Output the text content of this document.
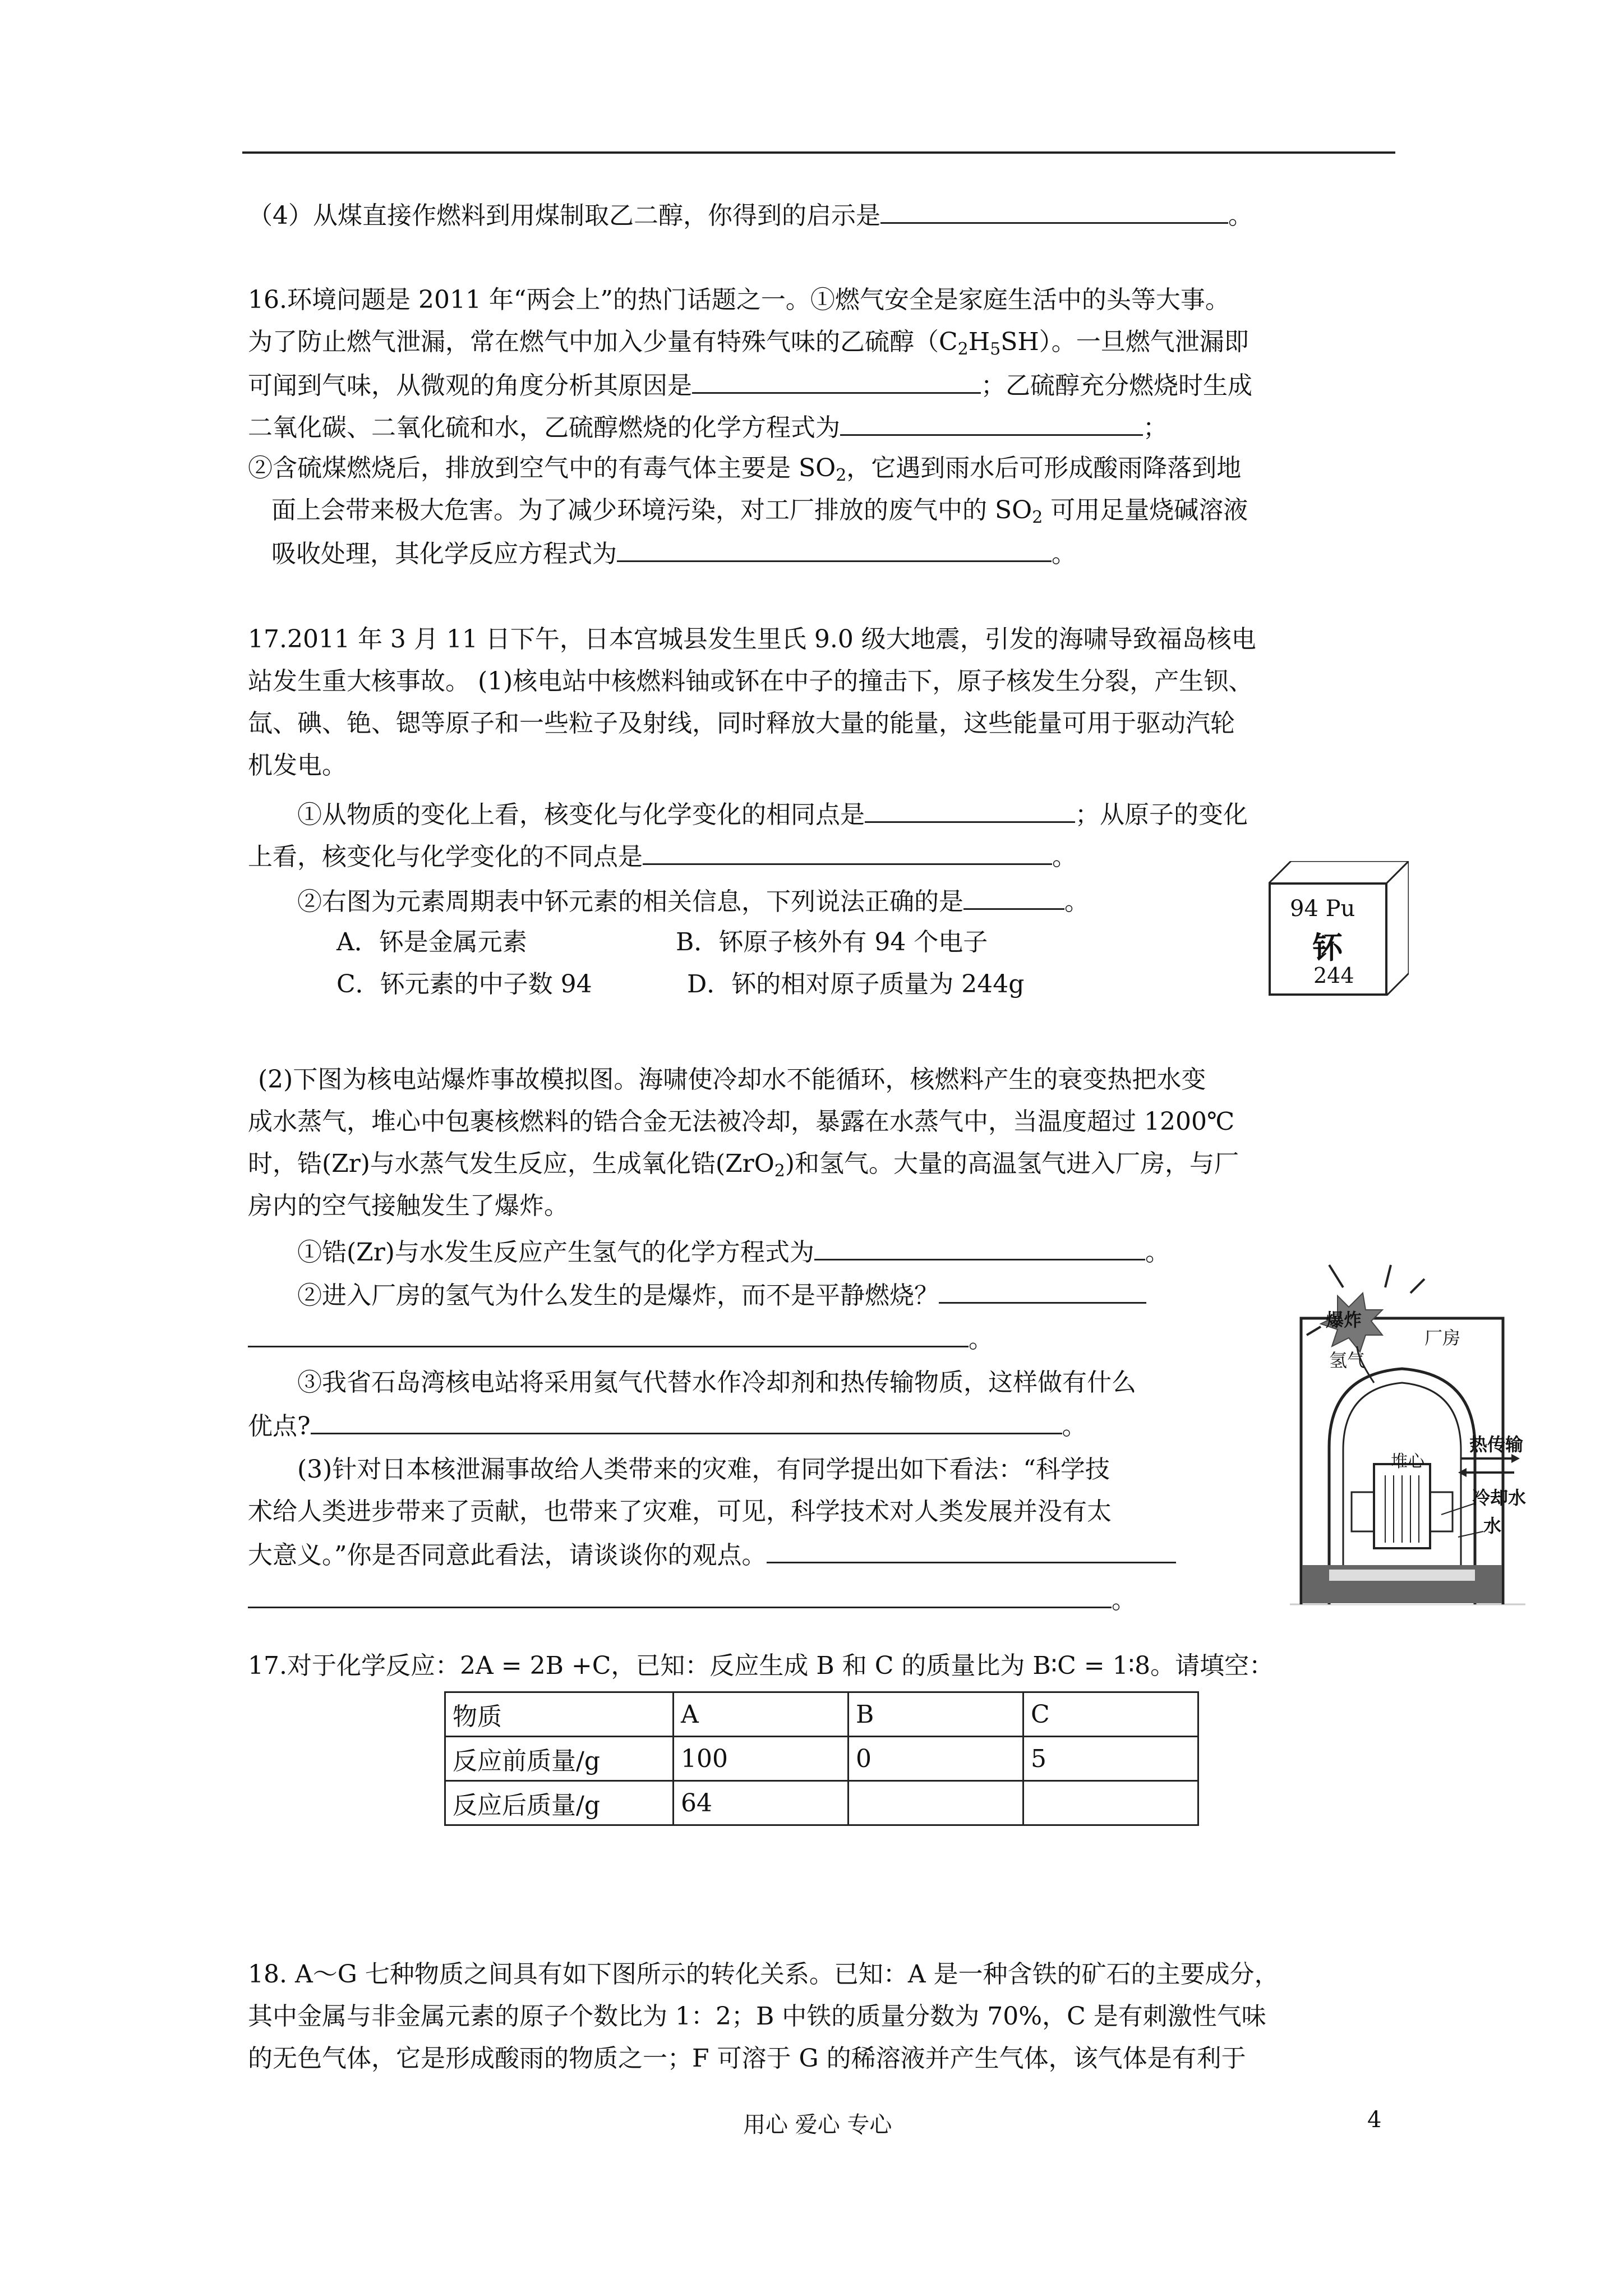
（4）从煤直接作燃料到用煤制取乙二醇，你得到的启示是	。
16.环境问题是 2011 年“两会上”的热门话题之一。①燃气安全是家庭生活中的头等大事。
为了防止燃气泄漏，常在燃气中加入少量有特殊气味的乙硫醇$(C_2H_5SH)$。一旦燃气泄漏即
可闻到气味，从微观的角度分析其原因是	；乙硫醇充分燃烧时生成
二氧化碳、二氧化硫和水，乙硫醇燃烧的化学方程式为	；
②含硫煤燃烧后，排放到空气中的有毒气体主要是 $SO_2$，它遇到雨水后可形成酸雨降落到地
面上会带来极大危害。为了减少环境污染，对工厂排放的废气中的 $SO_2$ 可用足量烧碱溶液
吸收处理，其化学反应方程式为	。
17.2011 年 3 月 11 日下午，日本宫城县发生里氏 9.0 级大地震，引发的海啸导致福岛核电
站发生重大核事故。 (1)核电站中核燃料铀或钚在中子的撞击下，原子核发生分裂，产生钡、
氙、碘、铯、锶等原子和一些粒子及射线，同时释放大量的能量，这些能量可用于驱动汽轮
机发电。
①从物质的变化上看，核变化与化学变化的相同点是	；从原子的变化
上看，核变化与化学变化的不同点是	。
②右图为元素周期表中钚元素的相关信息，下列说法正确的是	。
A．钚是金属元素	B．钚原子核外有 94 个电子
C．钚元素的中子数 94	D．钚的相对原子质量为 244g
94 Pu
钚
244
(2)下图为核电站爆炸事故模拟图。海啸使冷却水不能循环，核燃料产生的衰变热把水变
成水蒸气，堆心中包裹核燃料的锆合金无法被冷却，暴露在水蒸气中，当温度超过 1200℃
时，锆(Zr)与水蒸气发生反应，生成氧化锆(ZrO$_2$)和氢气。大量的高温氢气进入厂房，与厂
房内的空气接触发生了爆炸。
①锆(Zr)与水发生反应产生氢气的化学方程式为	。
②进入厂房的氢气为什么发生的是爆炸，而不是平静燃烧？
。
③我省石岛湾核电站将采用氦气代替水作冷却剂和热传输物质，这样做有什么
优点?	。
(3)针对日本核泄漏事故给人类带来的灾难，有同学提出如下看法：“科学技
术给人类进步带来了贡献，也带来了灾难，可见，科学技术对人类发展并没有太
大意义。”你是否同意此看法，请谈谈你的观点。
。
爆炸
氢气
厂房
堆心
热传输
冷却水
水
17.对于化学反应：2A = 2B +C，已知：反应生成 B 和 C 的质量比为 B∶C = 1∶8。请填空：
物质	A	B	C
反应前质量/g	100	0	5
反应后质量/g	64		
18. A～G 七种物质之间具有如下图所示的转化关系。已知：A 是一种含铁的矿石的主要成分，
其中金属与非金属元素的原子个数比为 1：2；B 中铁的质量分数为 70%，C 是有刺激性气味
的无色气体，它是形成酸雨的物质之一；F 可溶于 G 的稀溶液并产生气体，该气体是有利于
用心 爱心 专心	4
